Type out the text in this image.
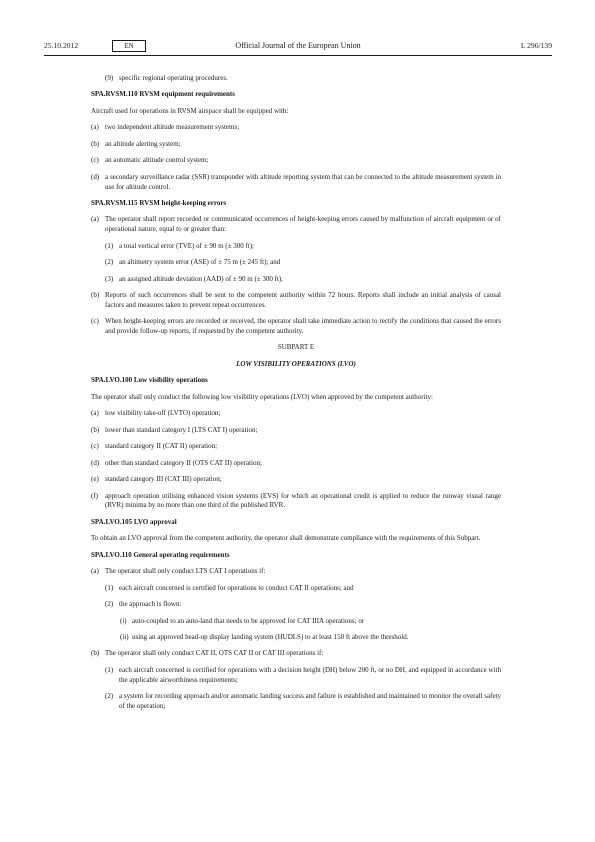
25.10.2012	EN	Official Journal of the European Union	L 296/139
(9) specific regional operating procedures.
SPA.RVSM.110 RVSM equipment requirements
Aircraft used for operations in RVSM airspace shall be equipped with:
(a) two independent altitude measurement systems;
(b) an altitude alerting system;
(c) an automatic altitude control system;
(d) a secondary surveillance radar (SSR) transponder with altitude reporting system that can be connected to the altitude measurement system in use for altitude control.
SPA.RVSM.115 RVSM height-keeping errors
(a) The operator shall report recorded or communicated occurrences of height-keeping errors caused by malfunction of aircraft equipment or of operational nature, equal to or greater than:
(1) a total vertical error (TVE) of ± 90 m (± 300 ft);
(2) an altimetry system error (ASE) of ± 75 m (± 245 ft); and
(3) an assigned altitude deviation (AAD) of ± 90 m (± 300 ft).
(b) Reports of such occurrences shall be sent to the competent authority within 72 hours. Reports shall include an initial analysis of causal factors and measures taken to prevent repeat occurrences.
(c) When height-keeping errors are recorded or received, the operator shall take immediate action to rectify the conditions that caused the errors and provide follow-up reports, if requested by the competent authority.
SUBPART E
LOW VISIBILITY OPERATIONS (LVO)
SPA.LVO.100 Low visibility operations
The operator shall only conduct the following low visibility operations (LVO) when approved by the competent authority:
(a) low visibility take-off (LVTO) operation;
(b) lower than standard category I (LTS CAT I) operation;
(c) standard category II (CAT II) operation;
(d) other than standard category II (OTS CAT II) operation;
(e) standard category III (CAT III) operation;
(f) approach operation utilising enhanced vision systems (EVS) for which an operational credit is applied to reduce the runway visual range (RVR) minima by no more than one third of the published RVR.
SPA.LVO.105 LVO approval
To obtain an LVO approval from the competent authority, the operator shall demonstrate compliance with the requirements of this Subpart.
SPA.LVO.110 General operating requirements
(a) The operator shall only conduct LTS CAT I operations if:
(1) each aircraft concerned is certified for operations to conduct CAT II operations; and
(2) the approach is flown:
(i) auto-coupled to an auto-land that needs to be approved for CAT IIIA operations; or
(ii) using an approved head-up display landing system (HUDLS) to at least 150 ft above the threshold.
(b) The operator shall only conduct CAT II, OTS CAT II or CAT III operations if:
(1) each aircraft concerned is certified for operations with a decision height (DH) below 200 ft, or no DH, and equipped in accordance with the applicable airworthiness requirements;
(2) a system for recording approach and/or automatic landing success and failure is established and maintained to monitor the overall safety of the operation;
